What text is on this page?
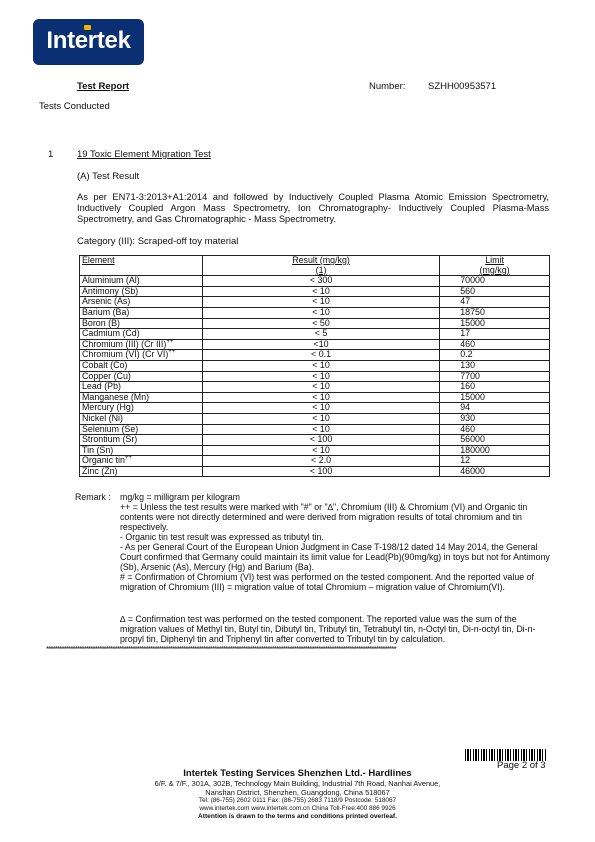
Intertek
Test Report	Number: SZHH00953571
Tests Conducted
1 19 Toxic Element Migration Test
(A) Test Result
As per EN71-3:2013+A1:2014 and followed by Inductively Coupled Plasma Atomic Emission Spectrometry, Inductively Coupled Argon Mass Spectrometry, Ion Chromatography- Inductively Coupled Plasma-Mass Spectrometry, and Gas Chromatographic - Mass Spectrometry.
Category (III): Scraped-off toy material
Element	Result (mg/kg)	Limit
	(1)	(mg/kg)
Aluminium (Al)	< 300	70000
Antimony (Sb)	< 10	560
Arsenic (As)	< 10	47
Barium (Ba)	< 10	18750
Boron (B)	< 50	15000
Cadmium (Cd)	< 5	17
Chromium (III) (Cr III)++	<10	460
Chromium (VI) (Cr VI)++	< 0.1	0.2
Cobalt (Co)	< 10	130
Copper (Cu)	< 10	7700
Lead (Pb)	< 10	160
Manganese (Mn)	< 10	15000
Mercury (Hg)	< 10	94
Nickel (Ni)	< 10	930
Selenium (Se)	< 10	460
Strontium (Sr)	< 100	56000
Tin (Sn)	< 10	180000
Organic tin++	< 2.0	12
Zinc (Zn)	< 100	46000
Remark : mg/kg = milligram per kilogram
++ = Unless the test results were marked with "#" or "∆", Chromium (III) & Chromium (VI) and Organic tin contents were not directly determined and were derived from migration results of total chromium and tin respectively.
- Organic tin test result was expressed as tributyl tin.
- As per General Court of the European Union Judgment in Case T-198/12 dated 14 May 2014, the General Court confirmed that Germany could maintain its limit value for Lead(Pb)(90mg/kg) in toys but not for Antimony (Sb), Arsenic (As), Mercury (Hg) and Barium (Ba).
# = Confirmation of Chromium (VI) test was performed on the tested component. And the reported value of migration of Chromium (III) = migration value of total Chromium – migration value of Chromium(VI).
∆ = Confirmation test was performed on the tested component. The reported value was the sum of the migration values of Methyl tin, Butyl tin, Dibutyl tin, Tributyl tin, Tetrabutyl tin, n-Octyl tin, Di-n-octyl tin, Di-n-propyl tin, Diphenyl tin and Triphenyl tin after converted to Tributyl tin by calculation.
**************************************************************************************************************************************************************
Page 2 of 3
Intertek Testing Services Shenzhen Ltd.- Hardlines
6/F. & 7/F., 301A, 302B, Technology Main Building, Industrial 7th Road, Nanhai Avenue,
Nanshan District, Shenzhen, Guangdong, China 518067
Tel: (86-755) 2602 0111 Fax: (86-755) 2683 7118/9 Postcode: 518067
www.intertek.com www.intertek.com.cn China Toll-Free:400 886 9926
Attention is drawn to the terms and conditions printed overleaf.
